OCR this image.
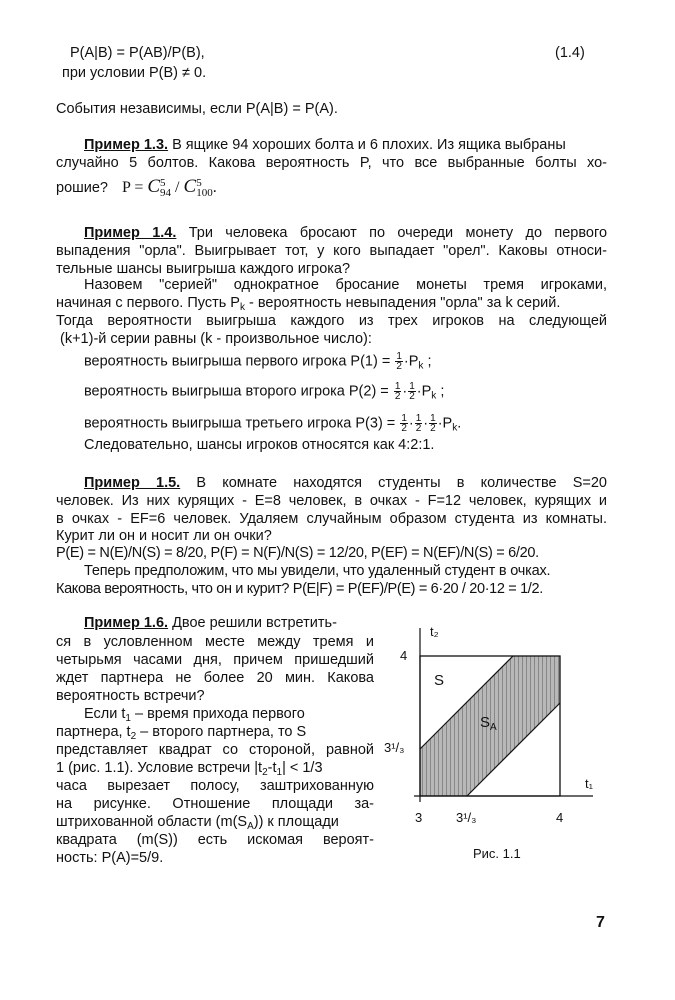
P(A|B) = P(AB)/P(B),	(1.4)
при условии P(B) ≠ 0.
События независимы, если P(A|B) = P(A).
Пример 1.3. В ящике 94 хороших болта и 6 плохих. Из ящика выбраны
случайно 5 болтов. Какова вероятность P, что все выбранные болты хо-
рошие? P = C 5
94 / C 5
100 .
Пример 1.4. Три человека бросают по очереди монету до первого
выпадения "орла". Выигрывает тот, у кого выпадает "орел". Каковы относи-
тельные шансы выигрыша каждого игрока?
Назовем "серией" однократное бросание монеты тремя игроками,
начиная с первого. Пусть $P_k$ - вероятность невыпадения "орла" за k серий.
Тогда вероятности выигрыша каждого из трех игроков на следующей
(k+1)-й серии равны (k - произвольное число):
вероятность выигрыша первого игрока $P(1) = \frac{1}{2} \cdot P_k$ ;
вероятность выигрыша второго игрока $P(2) = \frac{1}{2} \cdot \frac{1}{2} \cdot P_k$ ;
вероятность выигрыша третьего игрока $P(3) = \frac{1}{2} \cdot \frac{1}{2} \cdot \frac{1}{2} \cdot P_k$.
Следовательно, шансы игроков относятся как 4:2:1.
Пример 1.5. В комнате находятся студенты в количестве S=20
человек. Из них курящих - E=8 человек, в очках - F=12 человек, курящих и
в очках - EF=6 человек. Удаляем случайным образом студента из комнаты.
Курит ли он и носит ли он очки?
P(E) = N(E)/N(S) = 8/20, P(F) = N(F)/N(S) = 12/20, P(EF) = N(EF)/N(S) = 6/20.
Теперь предположим, что мы увидели, что удаленный студент в очках.
Какова вероятность, что он и курит? P(E|F) = P(EF)/P(E) = 6·20 / 20·12 = 1/2.
Пример 1.6. Двое решили встретить-
ся в условленном месте между тремя и
четырьмя часами дня, причем пришедший
ждет партнера не более 20 мин. Какова
вероятность встречи?
Если $t_1$ – время прихода первого
партнера, $t_2$ – второго партнера, то S
представляет квадрат со стороной, равной
1 (рис. 1.1). Условие встречи $|t_2-t_1| < 1/3$
часа вырезает полосу, заштрихованную
на рисунке. Отношение площади за-
штрихованной области $(m(S_A))$ к площади
квадрата (m(S)) есть искомая вероят-
ность: P(A)=5/9.
t₂
t₁
4
3¹/₃
3	3¹/₃	4
S
$S_A$
Рис. 1.1
7
